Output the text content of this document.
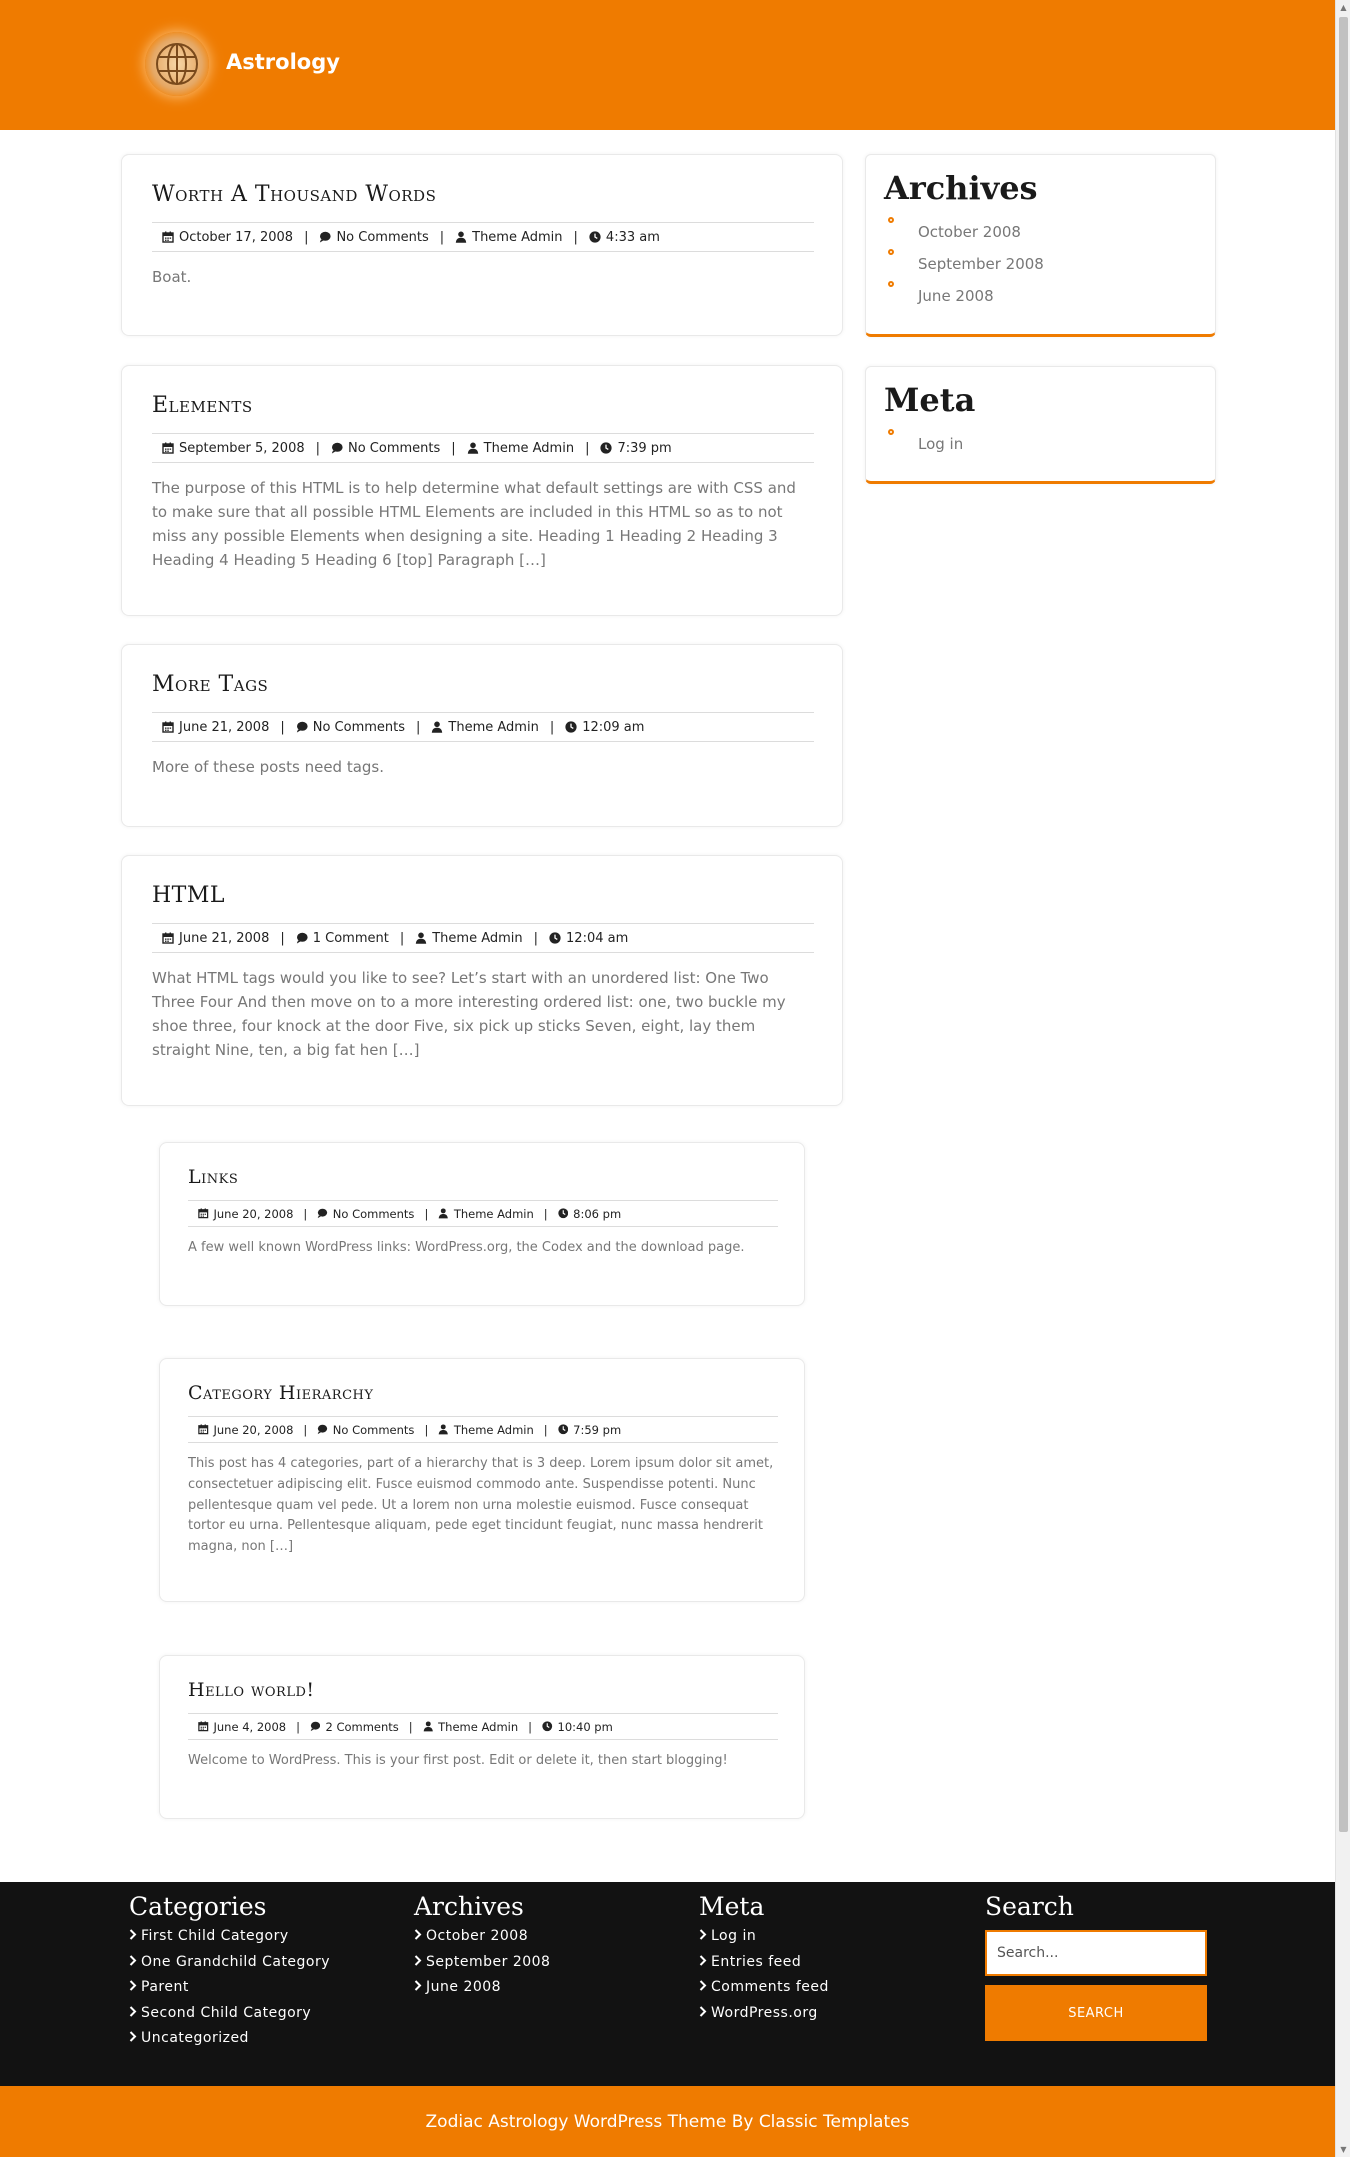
Astrology
Worth A Thousand Words
October 17, 2008 | No Comments | Theme Admin | 4:33 am

Boat.

Elements
September 5, 2008 | No Comments | Theme Admin | 7:39 pm

The purpose of this HTML is to help determine what default settings are with CSS and to make sure that all possible HTML Elements are included in this HTML so as to not miss any possible Elements when designing a site. Heading 1 Heading 2 Heading 3 Heading 4 Heading 5 Heading 6 [top] Paragraph […]

More Tags
June 21, 2008 | No Comments | Theme Admin | 12:09 am

More of these posts need tags.

HTML
June 21, 2008 | 1 Comment | Theme Admin | 12:04 am

What HTML tags would you like to see? Let’s start with an unordered list: One Two Three Four And then move on to a more interesting ordered list: one, two buckle my shoe three, four knock at the door Five, six pick up sticks Seven, eight, lay them straight Nine, ten, a big fat hen […]

Links
June 20, 2008 | No Comments | Theme Admin | 8:06 pm

A few well known WordPress links: WordPress.org, the Codex and the download page.

Category Hierarchy
June 20, 2008 | No Comments | Theme Admin | 7:59 pm

This post has 4 categories, part of a hierarchy that is 3 deep. Lorem ipsum dolor sit amet, consectetuer adipiscing elit. Fusce euismod commodo ante. Suspendisse potenti. Nunc pellentesque quam vel pede. Ut a lorem non urna molestie euismod. Fusce consequat tortor eu urna. Pellentesque aliquam, pede eget tincidunt feugiat, nunc massa hendrerit magna, non […]

Hello world!
June 4, 2008 | 2 Comments | Theme Admin | 10:40 pm

Welcome to WordPress. This is your first post. Edit or delete it, then start blogging!

Archives
October 2008
September 2008
June 2008
Meta
Log in
Categories
First Child Category
One Grandchild Category
Parent
Second Child Category
Uncategorized
Archives
October 2008
September 2008
June 2008
Meta
Log in
Entries feed
Comments feed
WordPress.org
Search
Search...
SEARCH
Zodiac Astrology WordPress Theme By Classic Templates
▲
▼
